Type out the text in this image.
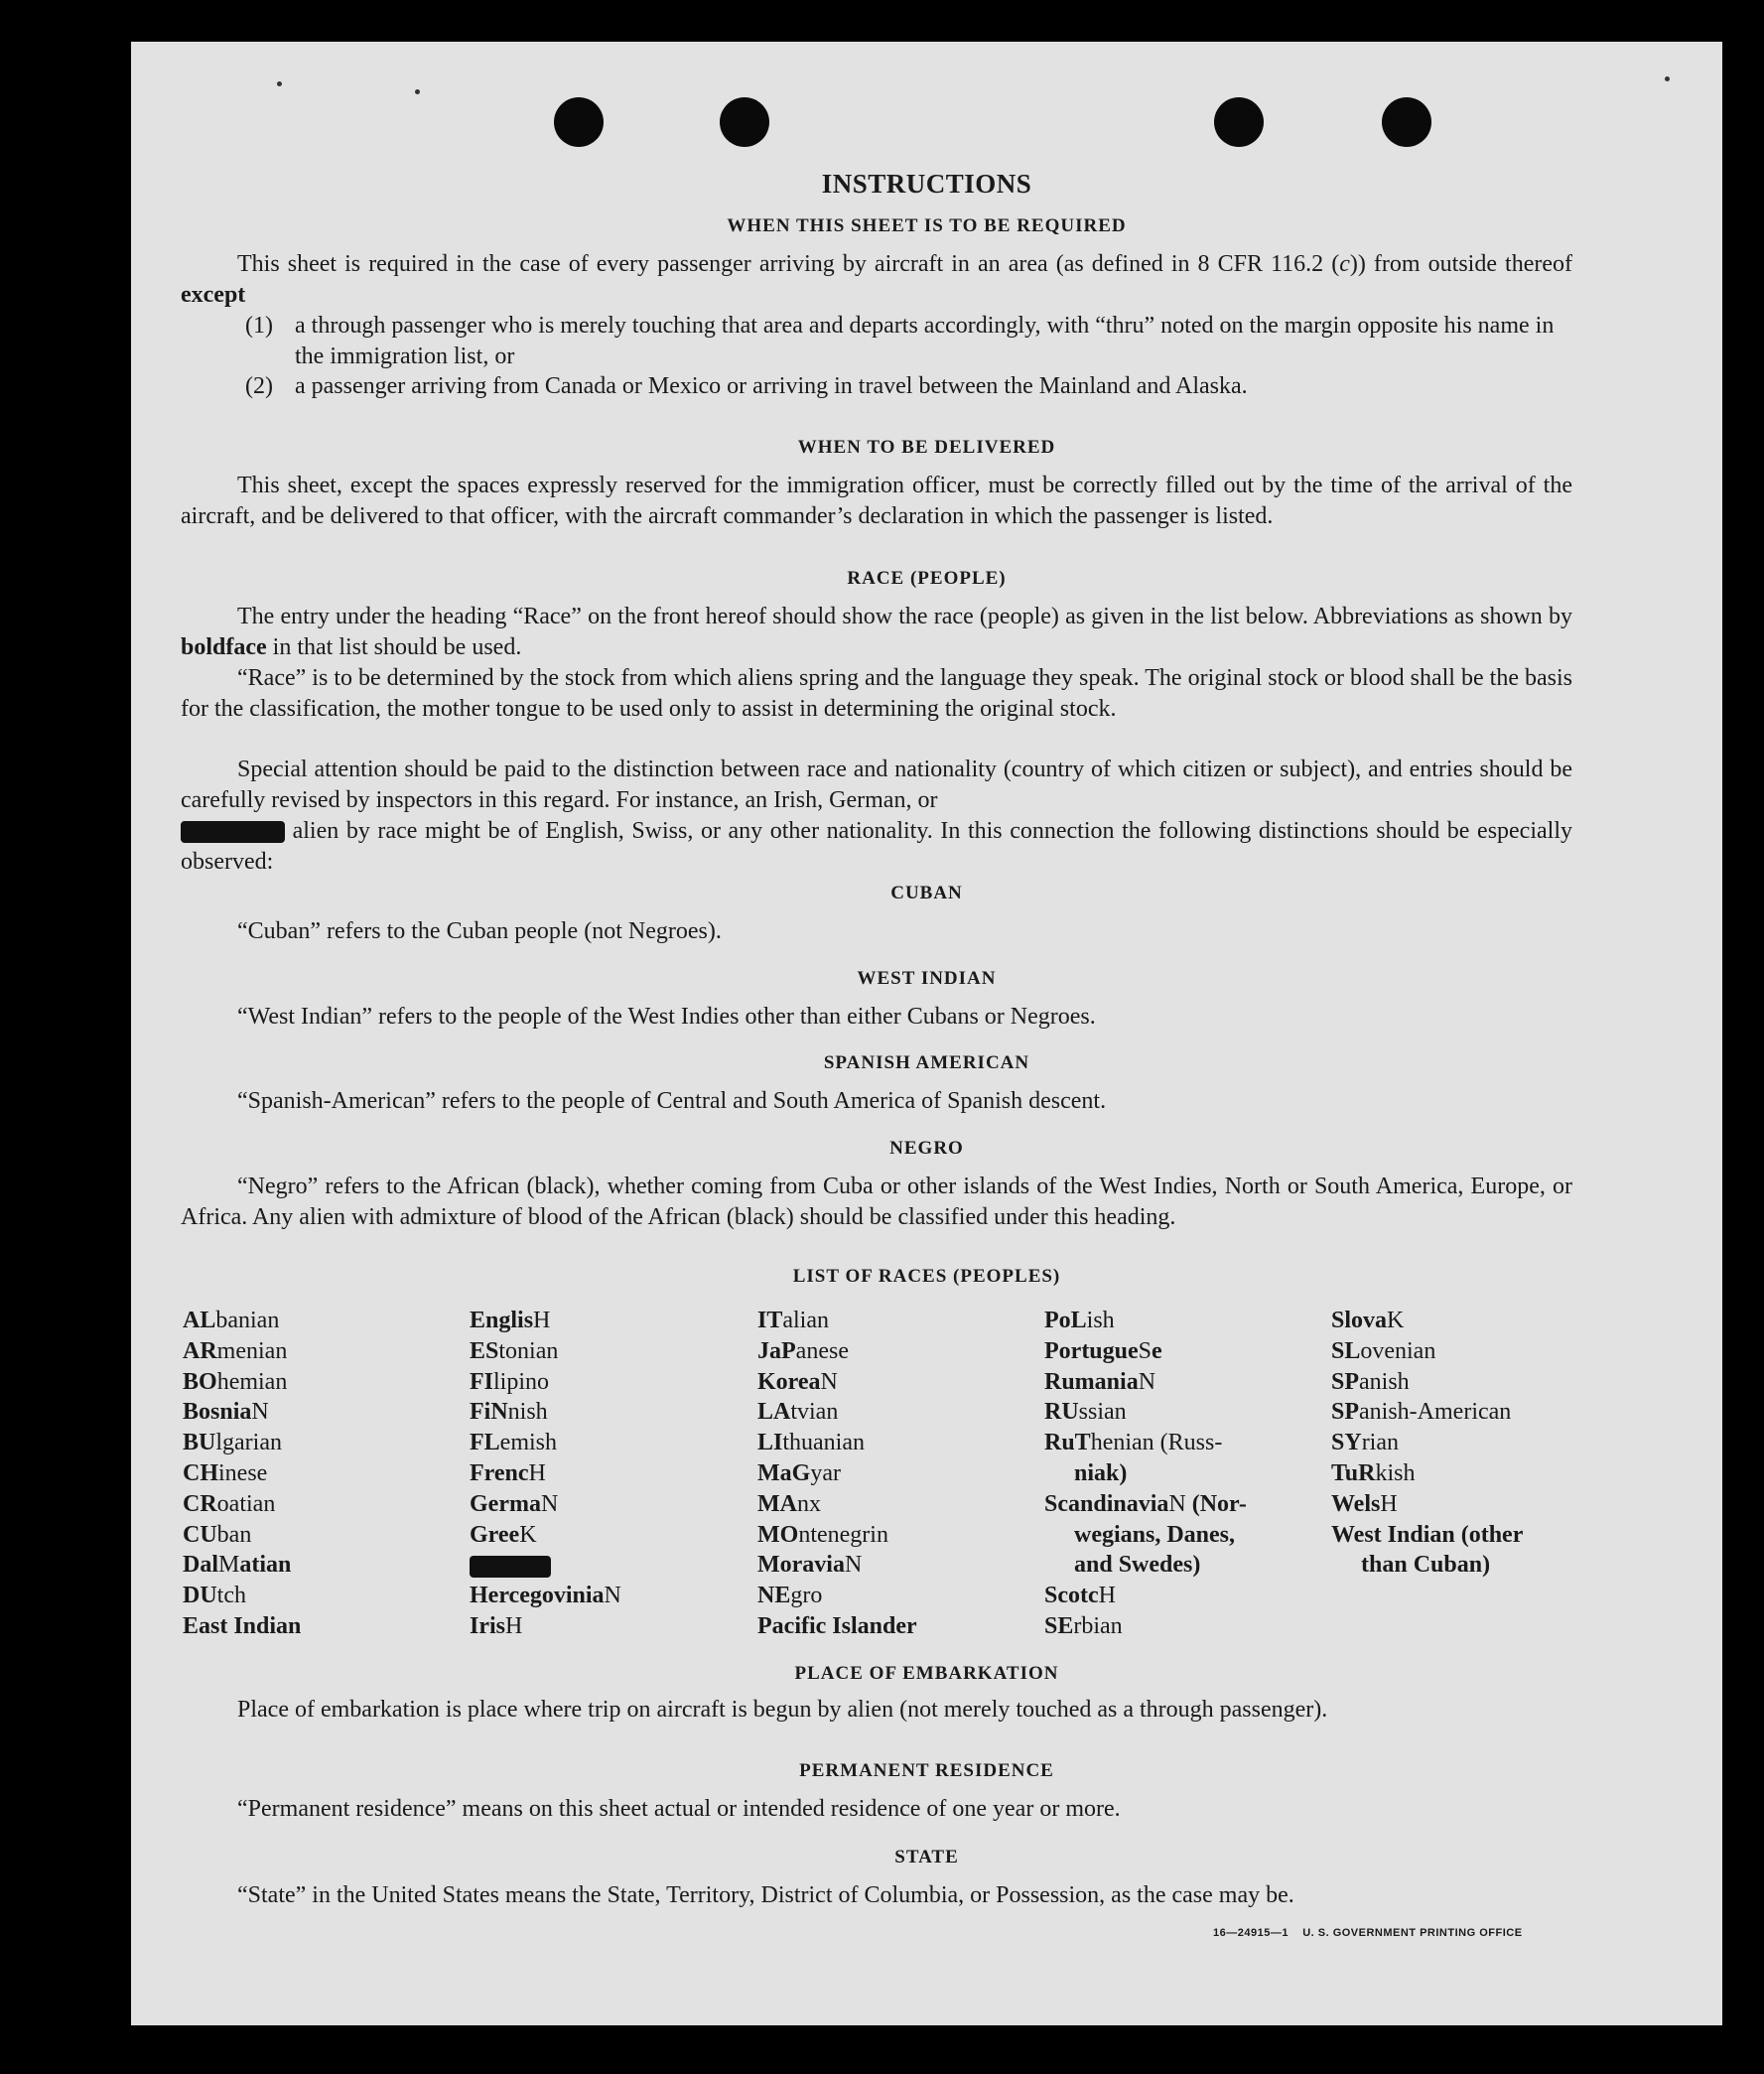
INSTRUCTIONS
WHEN THIS SHEET IS TO BE REQUIRED
This sheet is required in the case of every passenger arriving by aircraft in an area (as defined in 8 CFR 116.2 (c)) from outside thereof except
(1) a through passenger who is merely touching that area and departs accordingly, with “thru” noted on the margin opposite his name in the immigration list, or
(2) a passenger arriving from Canada or Mexico or arriving in travel between the Mainland and Alaska.
WHEN TO BE DELIVERED
This sheet, except the spaces expressly reserved for the immigration officer, must be correctly filled out by the time of the arrival of the aircraft, and be delivered to that officer, with the aircraft commander’s declaration in which the passenger is listed.
RACE (PEOPLE)
The entry under the heading “Race” on the front hereof should show the race (people) as given in the list below. Abbreviations as shown by boldface in that list should be used.
“Race” is to be determined by the stock from which aliens spring and the language they speak. The original stock or blood shall be the basis for the classification, the mother tongue to be used only to assist in determining the original stock.
Special attention should be paid to the distinction between race and nationality (country of which citizen or subject), and entries should be carefully revised by inspectors in this regard. For instance, an Irish, German, or
alien by race might be of English, Swiss, or any other nationality. In this connection the following distinctions should be especially observed:
CUBAN
“Cuban” refers to the Cuban people (not Negroes).
WEST INDIAN
“West Indian” refers to the people of the West Indies other than either Cubans or Negroes.
SPANISH AMERICAN
“Spanish-American” refers to the people of Central and South America of Spanish descent.
NEGRO
“Negro” refers to the African (black), whether coming from Cuba or other islands of the West Indies, North or South America, Europe, or Africa. Any alien with admixture of blood of the African (black) should be classified under this heading.
LIST OF RACES (PEOPLES)
ALbanian
ARmenian
BOhemian
BosniaN
BUlgarian
CHinese
CRoatian
CUban
DalMatian
DUtch
East Indian
EnglisH
EStonian
FIlipino
FiNnish
FLemish
FrencH
GermaN
GreeK
HercegoviniaN
IrisH
ITalian
JaPanese
KoreaN
LAtvian
LIthuanian
MaGyar
MAnx
MOntenegrin
MoraviaN
NEgro
Pacific Islander
PoLish
PortugueSe
RumaniaN
RUssian
RuThenian (Russ-
niak)
ScandinaviaN (Nor-
wegians, Danes,
and Swedes)
ScotcH
SErbian
SlovaK
SLovenian
SPanish
SPanish-American
SYrian
TuRkish
WelsH
West Indian (other
than Cuban)
PLACE OF EMBARKATION
Place of embarkation is place where trip on aircraft is begun by alien (not merely touched as a through passenger).
PERMANENT RESIDENCE
“Permanent residence” means on this sheet actual or intended residence of one year or more.
STATE
“State” in the United States means the State, Territory, District of Columbia, or Possession, as the case may be.
16—24915—1 U. S. GOVERNMENT PRINTING OFFICE
